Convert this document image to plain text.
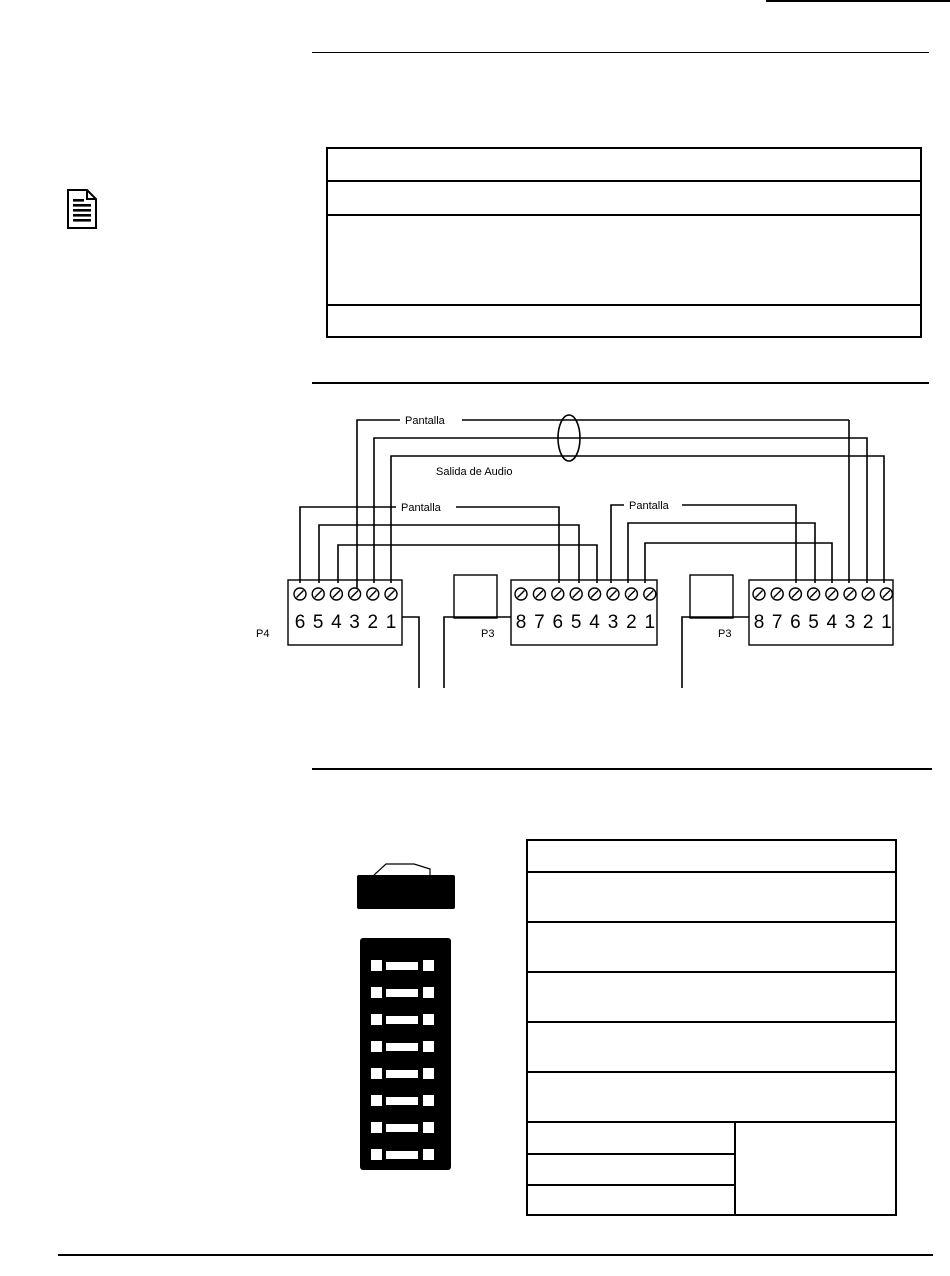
Pantalla
Salida de Audio
Pantalla	Pantalla
P4	P3	P3
6 5 4 3 2 1	8 7 6 5 4 3 2 1	8 7 6 5 4 3 2 1
